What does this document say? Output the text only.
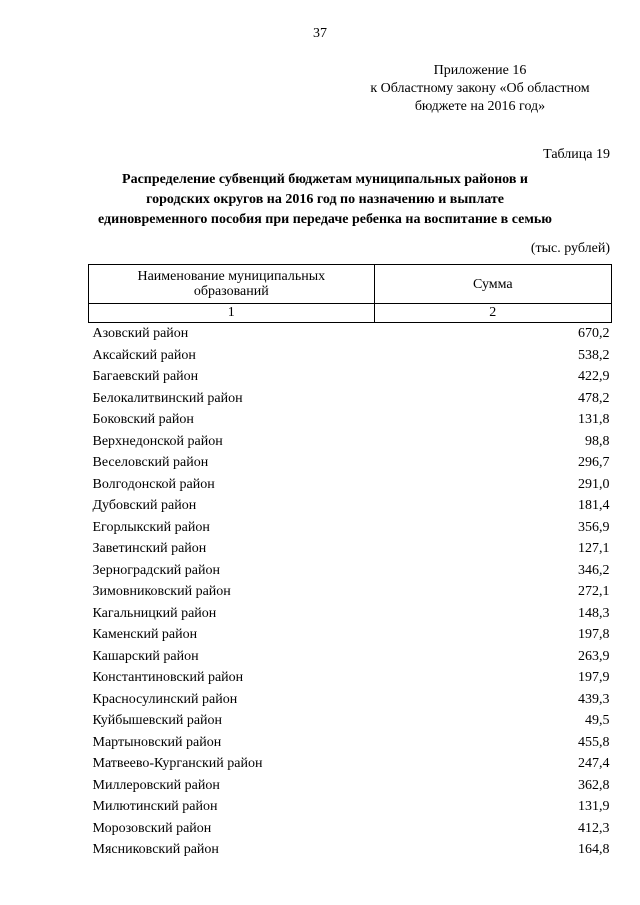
37
Приложение 16
к Областному закону «Об областном
бюджете на 2016 год»
Таблица 19
Распределение субвенций бюджетам муниципальных районов и
городских округов на 2016 год по назначению и выплате
единовременного пособия при передаче ребенка на воспитание в семью
(тыс. рублей)
Наименование муниципальных
образований	Сумма
1	2
Азовский район	670,2
Аксайский район	538,2
Багаевский район	422,9
Белокалитвинский район	478,2
Боковский район	131,8
Верхнедонской район	98,8
Веселовский район	296,7
Волгодонской район	291,0
Дубовский район	181,4
Егорлыкский район	356,9
Заветинский район	127,1
Зерноградский район	346,2
Зимовниковский район	272,1
Кагальницкий район	148,3
Каменский район	197,8
Кашарский район	263,9
Константиновский район	197,9
Красносулинский район	439,3
Куйбышевский район	49,5
Мартыновский район	455,8
Матвеево-Курганский район	247,4
Миллеровский район	362,8
Милютинский район	131,9
Морозовский район	412,3
Мясниковский район	164,8
